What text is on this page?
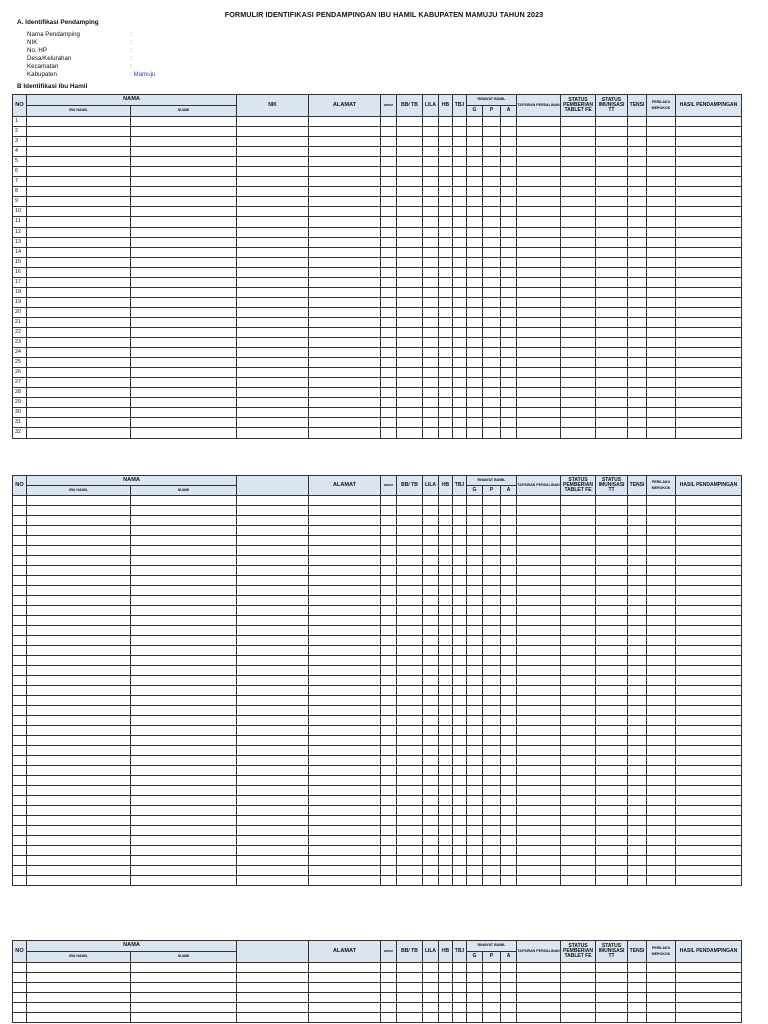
FORMULIR IDENTIFIKASI PENDAMPINGAN IBU HAMIL KABUPATEN MAMUJU TAHUN 2023
A. Identifikasi Pendamping
Nama Pendamping	:
NIK	:
No. HP	:
Desa/Kelurahan	:
Kecamatan	:
Kabupaten	: Mamuju
B Identifikasi Ibu Hamil
NO	NAMA		NIK	ALAMAT	umur	BB/ TB	LILA	HB	TBJ	RIWAYAT BUMIL			TAFSIRAN PERSALINAN	STATUS PEMBERIAN TABLET FE	STATUS IMUNISASI TT	TENSI	PERILAKU MEROKOK	HASIL PENDAMPINGAN
	IBU HAMIL	SUAMI								G	P	A						
1																		
2																		
3																		
4																		
5																		
6																		
7																		
8																		
9																		
10																		
11																		
12																		
13																		
14																		
15																		
16																		
17																		
18																		
19																		
20																		
21																		
22																		
23																		
24																		
25																		
26																		
27																		
28																		
29																		
30																		
31																		
32																		
NO	NAMA			ALAMAT	umur	BB/ TB	LILA	HB	TBJ	RIWAYAT BUMIL			TAFSIRAN PERSALINAN	STATUS PEMBERIAN TABLET FE	STATUS IMUNISASI TT	TENSI	PERILAKU MEROKOK	HASIL PENDAMPINGAN
	IBU HAMIL	SUAMI								G	P	A						

NO	NAMA			ALAMAT	umur	BB/ TB	LILA	HB	TBJ	RIWAYAT BUMIL			TAFSIRAN PERSALINAN	STATUS PEMBERIAN TABLET FE	STATUS IMUNISASI TT	TENSI	PERILAKU MEROKOK	HASIL PENDAMPINGAN
	IBU HAMIL	SUAMI								G	P	A						
